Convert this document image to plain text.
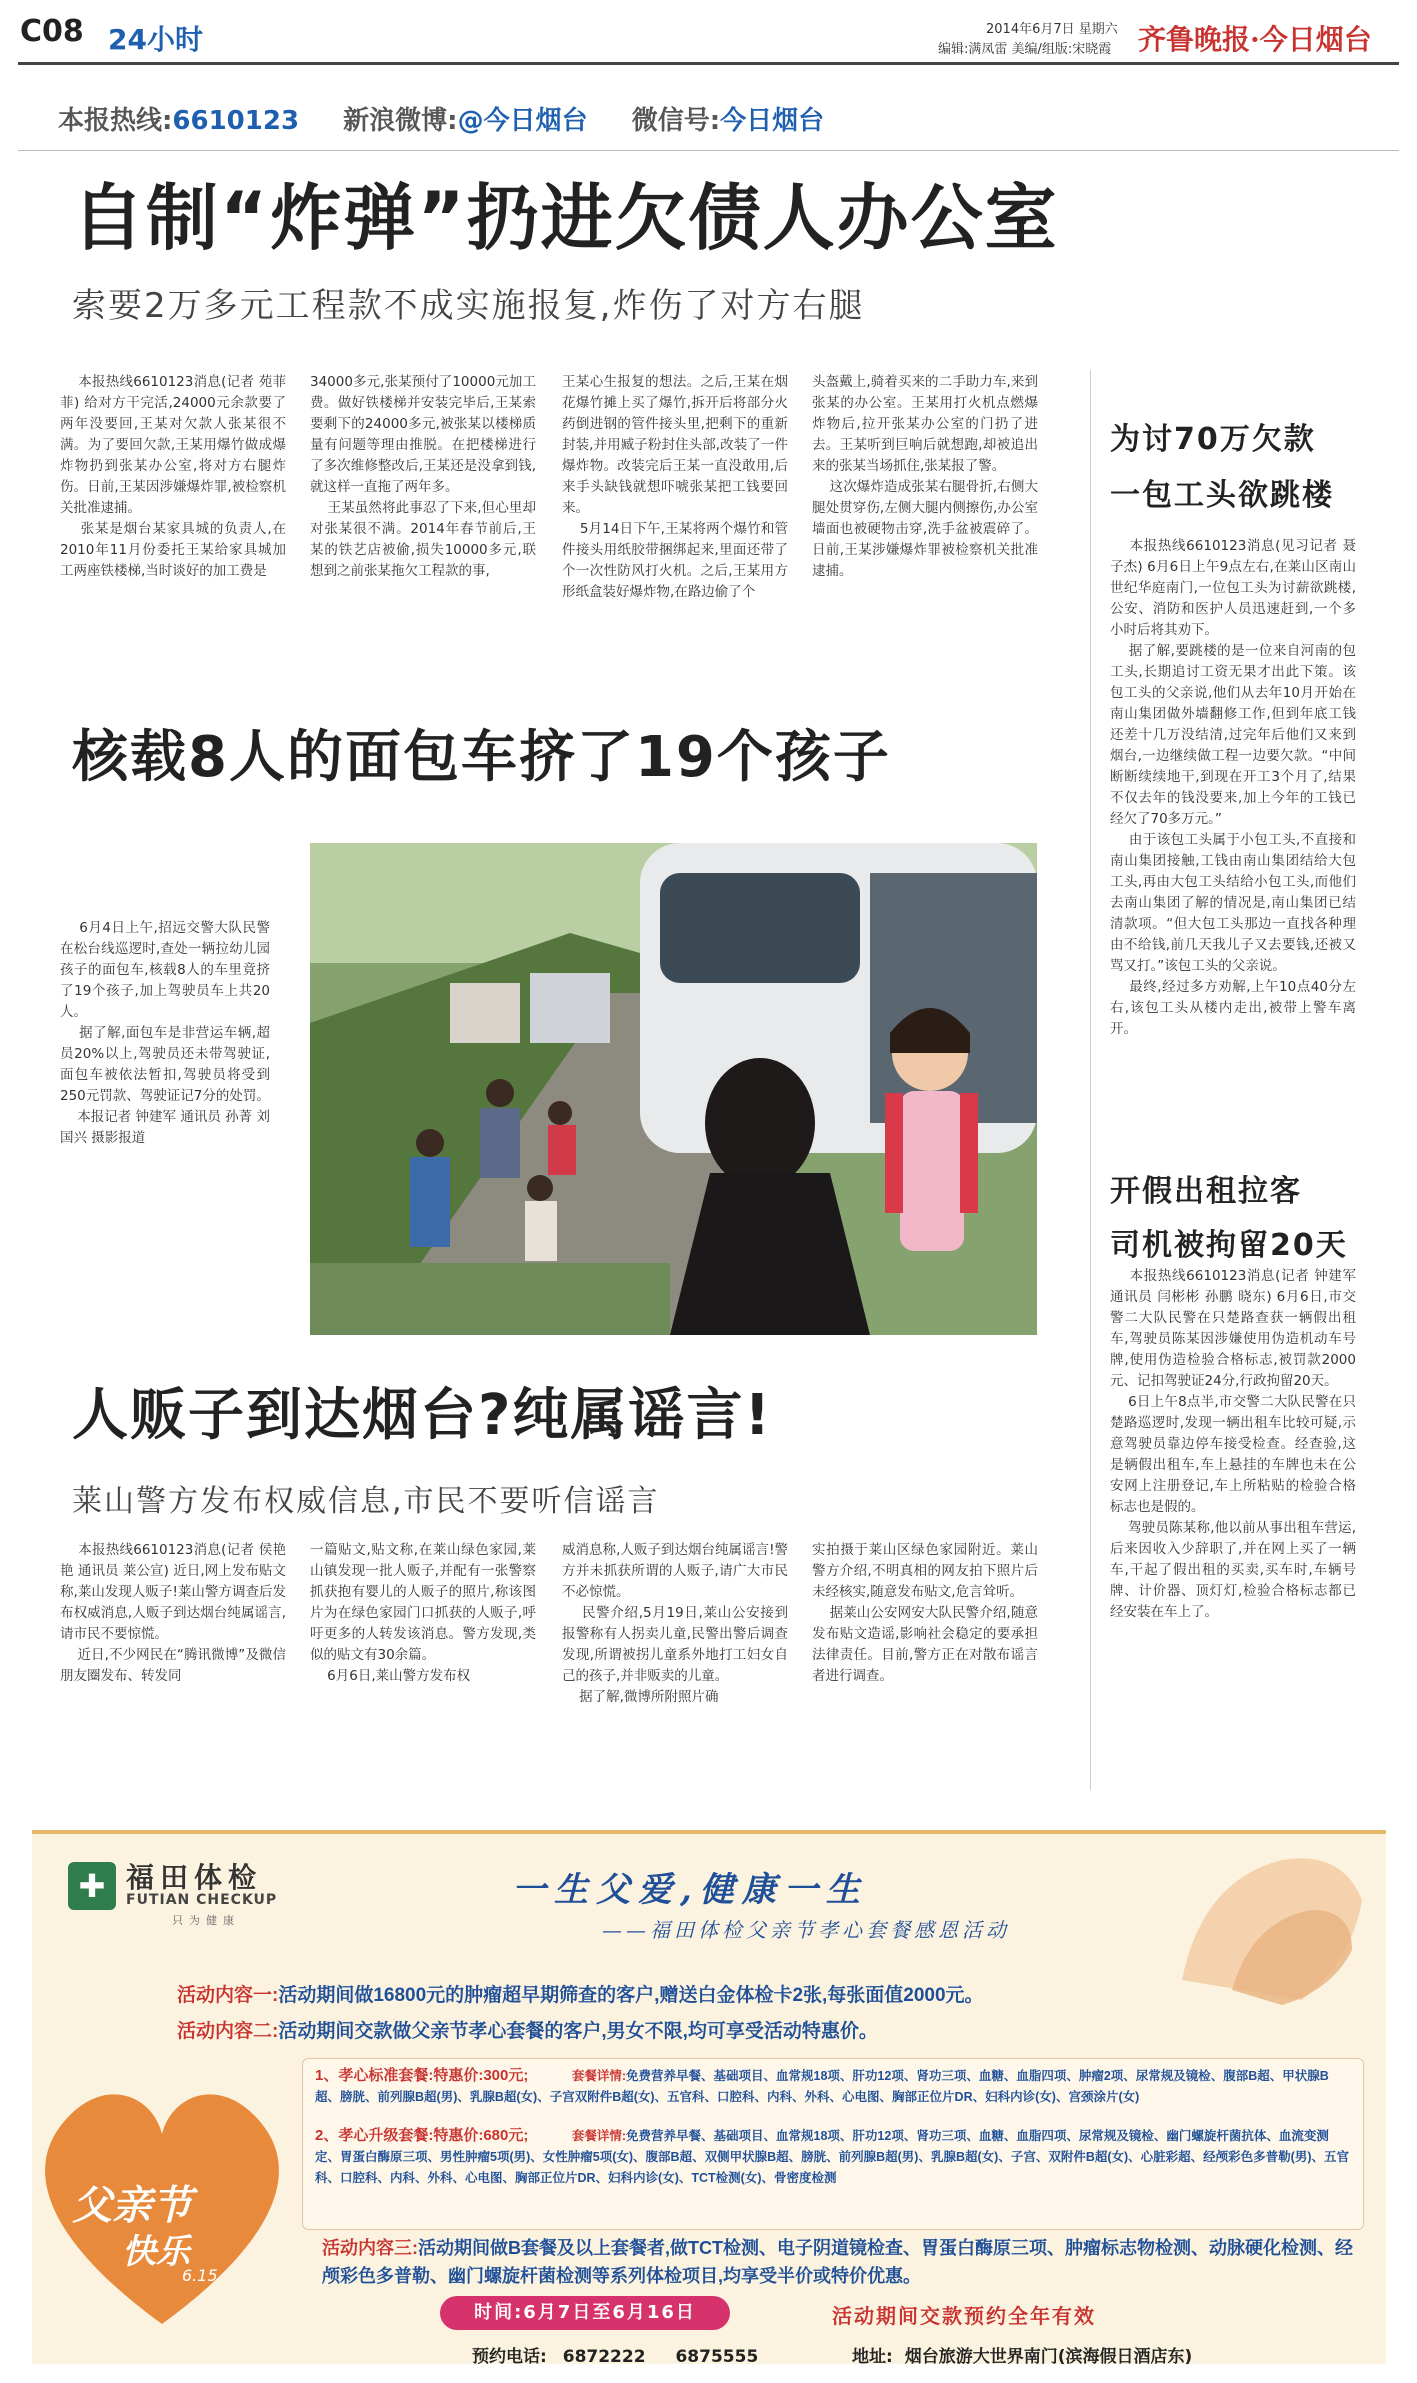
C08 24小时	2014年6月7日 星期六
编辑:满凤雷 美编/组版:宋晓霞 齐鲁晚报·今日烟台
本报热线:6610123 新浪微博:@今日烟台 微信号:今日烟台
自制“炸弹”扔进欠债人办公室
索要2万多元工程款不成实施报复,炸伤了对方右腿
本报热线6610123消息(记者 苑菲菲) 给对方干完活,24000元余款要了两年没要回,王某对欠款人张某很不满。为了要回欠款,王某用爆竹做成爆炸物扔到张某办公室,将对方右腿炸伤。日前,王某因涉嫌爆炸罪,被检察机关批准逮捕。
张某是烟台某家具城的负责人,在2010年11月份委托王某给家具城加工两座铁楼梯,当时谈好的加工费是
34000多元,张某预付了10000元加工费。做好铁楼梯并安装完毕后,王某索要剩下的24000多元,被张某以楼梯质量有问题等理由推脱。在把楼梯进行了多次维修整改后,王某还是没拿到钱,就这样一直拖了两年多。
王某虽然将此事忍了下来,但心里却对张某很不满。2014年春节前后,王某的铁艺店被偷,损失10000多元,联想到之前张某拖欠工程款的事,
王某心生报复的想法。之后,王某在烟花爆竹摊上买了爆竹,拆开后将部分火药倒进钢的管件接头里,把剩下的重新封装,并用臧子粉封住头部,改装了一件爆炸物。改装完后王某一直没敢用,后来手头缺钱就想吓唬张某把工钱要回来。
5月14日下午,王某将两个爆竹和管件接头用纸胶带捆绑起来,里面还带了个一次性防风打火机。之后,王某用方形纸盒装好爆炸物,在路边偷了个
头盔戴上,骑着买来的二手助力车,来到张某的办公室。王某用打火机点燃爆炸物后,拉开张某办公室的门扔了进去。王某听到巨响后就想跑,却被追出来的张某当场抓住,张某报了警。
这次爆炸造成张某右腿骨折,右侧大腿处贯穿伤,左侧大腿内侧擦伤,办公室墙面也被硬物击穿,洗手盆被震碎了。日前,王某涉嫌爆炸罪被检察机关批准逮捕。
核载8人的面包车挤了19个孩子
6月4日上午,招远交警大队民警在松台线巡逻时,查处一辆拉幼儿园孩子的面包车,核载8人的车里竟挤了19个孩子,加上驾驶员车上共20人。
据了解,面包车是非营运车辆,超员20%以上,驾驶员还未带驾驶证,面包车被依法暂扣,驾驶员将受到250元罚款、驾驶证记7分的处罚。
本报记者 钟建军 通讯员 孙菁 刘国兴 摄影报道
人贩子到达烟台?纯属谣言!
莱山警方发布权威信息,市民不要听信谣言
本报热线6610123消息(记者 侯艳艳 通讯员 莱公宣) 近日,网上发布贴文称,莱山发现人贩子!莱山警方调查后发布权威消息,人贩子到达烟台纯属谣言,请市民不要惊慌。
近日,不少网民在“腾讯微博”及微信朋友圈发布、转发同
一篇贴文,贴文称,在莱山绿色家园,莱山镇发现一批人贩子,并配有一张警察抓获抱有婴儿的人贩子的照片,称该图片为在绿色家园门口抓获的人贩子,呼吁更多的人转发该消息。警方发现,类似的贴文有30余篇。
6月6日,莱山警方发布权
威消息称,人贩子到达烟台纯属谣言!警方并未抓获所谓的人贩子,请广大市民不必惊慌。
民警介绍,5月19日,莱山公安接到报警称有人拐卖儿童,民警出警后调查发现,所谓被拐儿童系外地打工妇女自己的孩子,并非贩卖的儿童。
据了解,微博所附照片确
实拍摄于莱山区绿色家园附近。莱山警方介绍,不明真相的网友拍下照片后未经核实,随意发布贴文,危言耸听。
据莱山公安网安大队民警介绍,随意发布贴文造谣,影响社会稳定的要承担法律责任。目前,警方正在对散布谣言者进行调查。
为讨70万欠款
一包工头欲跳楼
本报热线6610123消息(见习记者 聂子杰) 6月6日上午9点左右,在莱山区南山世纪华庭南门,一位包工头为讨薪欲跳楼,公安、消防和医护人员迅速赶到,一个多小时后将其劝下。
据了解,要跳楼的是一位来自河南的包工头,长期追讨工资无果才出此下策。该包工头的父亲说,他们从去年10月开始在南山集团做外墙翻修工作,但到年底工钱还差十几万没结清,过完年后他们又来到烟台,一边继续做工程一边要欠款。“中间断断续续地干,到现在开工3个月了,结果不仅去年的钱没要来,加上今年的工钱已经欠了70多万元。”
由于该包工头属于小包工头,不直接和南山集团接触,工钱由南山集团结给大包工头,再由大包工头结给小包工头,而他们去南山集团了解的情况是,南山集团已结清款项。“但大包工头那边一直找各种理由不给钱,前几天我儿子又去要钱,还被又骂又打。”该包工头的父亲说。
最终,经过多方劝解,上午10点40分左右,该包工头从楼内走出,被带上警车离开。
开假出租拉客
司机被拘留20天
本报热线6610123消息(记者 钟建军 通讯员 闫彬彬 孙鹏 晓东) 6月6日,市交警二大队民警在只楚路查获一辆假出租车,驾驶员陈某因涉嫌使用伪造机动车号牌,使用伪造检验合格标志,被罚款2000元、记扣驾驶证24分,行政拘留20天。
6日上午8点半,市交警二大队民警在只楚路巡逻时,发现一辆出租车比较可疑,示意驾驶员靠边停车接受检查。经查验,这是辆假出租车,车上悬挂的车牌也未在公安网上注册登记,车上所粘贴的检验合格标志也是假的。
驾驶员陈某称,他以前从事出租车营运,后来因收入少辞职了,并在网上买了一辆车,干起了假出租的买卖,买车时,车辆号牌、计价器、顶灯灯,检验合格标志都已经安装在车上了。
✚ 福田体检
FUTIAN CHECKUP
只为健康
一生父爱,健康一生
——福田体检父亲节孝心套餐感恩活动
父亲节
快乐
6.15
活动内容一:活动期间做16800元的肿瘤超早期筛查的客户,赠送白金体检卡2张,每张面值2000元。
活动内容二:活动期间交款做父亲节孝心套餐的客户,男女不限,均可享受活动特惠价。
1、孝心标准套餐:特惠价:300元;	套餐详情:免费营养早餐、基础项目、血常规18项、肝功12项、肾功三项、血糖、血脂四项、肿瘤2项、尿常规及镜检、腹部B超、甲状腺B超、膀胱、前列腺B超(男)、乳腺B超(女)、子宫双附件B超(女)、五官科、口腔科、内科、外科、心电图、胸部正位片DR、妇科内诊(女)、宫颈涂片(女)
2、孝心升级套餐:特惠价:680元;	套餐详情:免费营养早餐、基础项目、血常规18项、肝功12项、肾功三项、血糖、血脂四项、尿常规及镜检、幽门螺旋杆菌抗体、血流变测定、胃蛋白酶原三项、男性肿瘤5项(男)、女性肿瘤5项(女)、腹部B超、双侧甲状腺B超、膀胱、前列腺B超(男)、乳腺B超(女)、子宫、双附件B超(女)、心脏彩超、经颅彩色多普勒(男)、五官科、口腔科、内科、外科、心电图、胸部正位片DR、妇科内诊(女)、TCT检测(女)、骨密度检测
活动内容三:活动期间做B套餐及以上套餐者,做TCT检测、电子阴道镜检查、胃蛋白酶原三项、肿瘤标志物检测、动脉硬化检测、经颅彩色多普勒、幽门螺旋杆菌检测等系列体检项目,均享受半价或特价优惠。
时间:6月7日至6月16日	活动期间交款预约全年有效
预约电话: 6872222 6875555	地址: 烟台旅游大世界南门(滨海假日酒店东)
